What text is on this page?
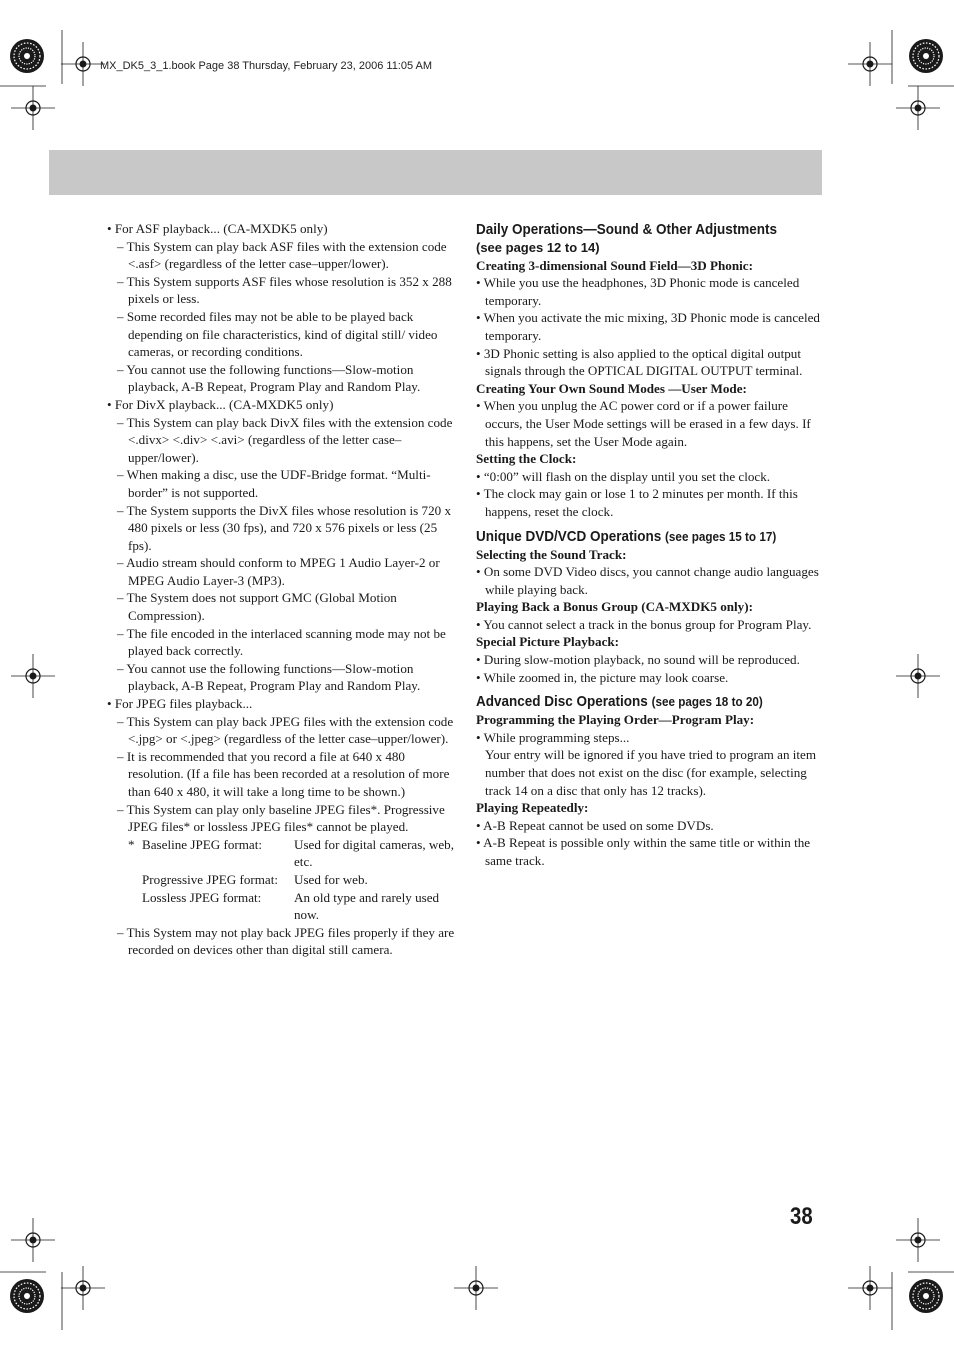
MX_DK5_3_1.book Page 38 Thursday, February 23, 2006 11:05 AM

• For ASF playback... (CA-MXDK5 only)

– This System can play back ASF files with the extension code <.asf> (regardless of the letter case–upper/lower).

– This System supports ASF files whose resolution is 352 x 288 pixels or less.

– Some recorded files may not be able to be played back depending on file characteristics, kind of digital still/ video cameras, or recording conditions.

– You cannot use the following functions—Slow-motion playback, A-B Repeat, Program Play and Random Play.

• For DivX playback... (CA-MXDK5 only)

– This System can play back DivX files with the extension code <.divx> <.div> <.avi> (regardless of the letter case–upper/lower).

– When making a disc, use the UDF-Bridge format. “Multi-border” is not supported.

– The System supports the DivX files whose resolution is 720 x 480 pixels or less (30 fps), and 720 x 576 pixels or less (25 fps).

– Audio stream should conform to MPEG 1 Audio Layer-2 or MPEG Audio Layer-3 (MP3).

– The System does not support GMC (Global Motion Compression).

– The file encoded in the interlaced scanning mode may not be played back correctly.

– You cannot use the following functions—Slow-motion playback, A-B Repeat, Program Play and Random Play.

• For JPEG files playback...

– This System can play back JPEG files with the extension code <.jpg> or <.jpeg> (regardless of the letter case–upper/lower).

– It is recommended that you record a file at 640 x 480 resolution. (If a file has been recorded at a resolution of more than 640 x 480, it will take a long time to be shown.)

– This System can play only baseline JPEG files*. Progressive JPEG files* or lossless JPEG files* cannot be played.

*	Baseline JPEG format:	Used for digital cameras, web, etc.
	Progressive JPEG format:	Used for web.
	Lossless JPEG format:	An old type and rarely used now.

– This System may not play back JPEG files properly if they are recorded on devices other than digital still camera.

Daily Operations—Sound & Other Adjustments

(see pages 12 to 14)

Creating 3-dimensional Sound Field—3D Phonic:

• While you use the headphones, 3D Phonic mode is canceled temporary.

• When you activate the mic mixing, 3D Phonic mode is canceled temporary.

• 3D Phonic setting is also applied to the optical digital output signals through the OPTICAL DIGITAL OUTPUT terminal.

Creating Your Own Sound Modes —User Mode:

• When you unplug the AC power cord or if a power failure occurs, the User Mode settings will be erased in a few days. If this happens, set the User Mode again.

Setting the Clock:

• “0:00” will flash on the display until you set the clock.

• The clock may gain or lose 1 to 2 minutes per month. If this happens, reset the clock.

Unique DVD/VCD Operations (see pages 15 to 17)

Selecting the Sound Track:

• On some DVD Video discs, you cannot change audio languages while playing back.

Playing Back a Bonus Group (CA-MXDK5 only):

• You cannot select a track in the bonus group for Program Play.

Special Picture Playback:

• During slow-motion playback, no sound will be reproduced.

• While zoomed in, the picture may look coarse.

Advanced Disc Operations (see pages 18 to 20)

Programming the Playing Order—Program Play:

• While programming steps...

Your entry will be ignored if you have tried to program an item number that does not exist on the disc (for example, selecting track 14 on a disc that only has 12 tracks).

Playing Repeatedly:

• A-B Repeat cannot be used on some DVDs.

• A-B Repeat is possible only within the same title or within the same track.

38
